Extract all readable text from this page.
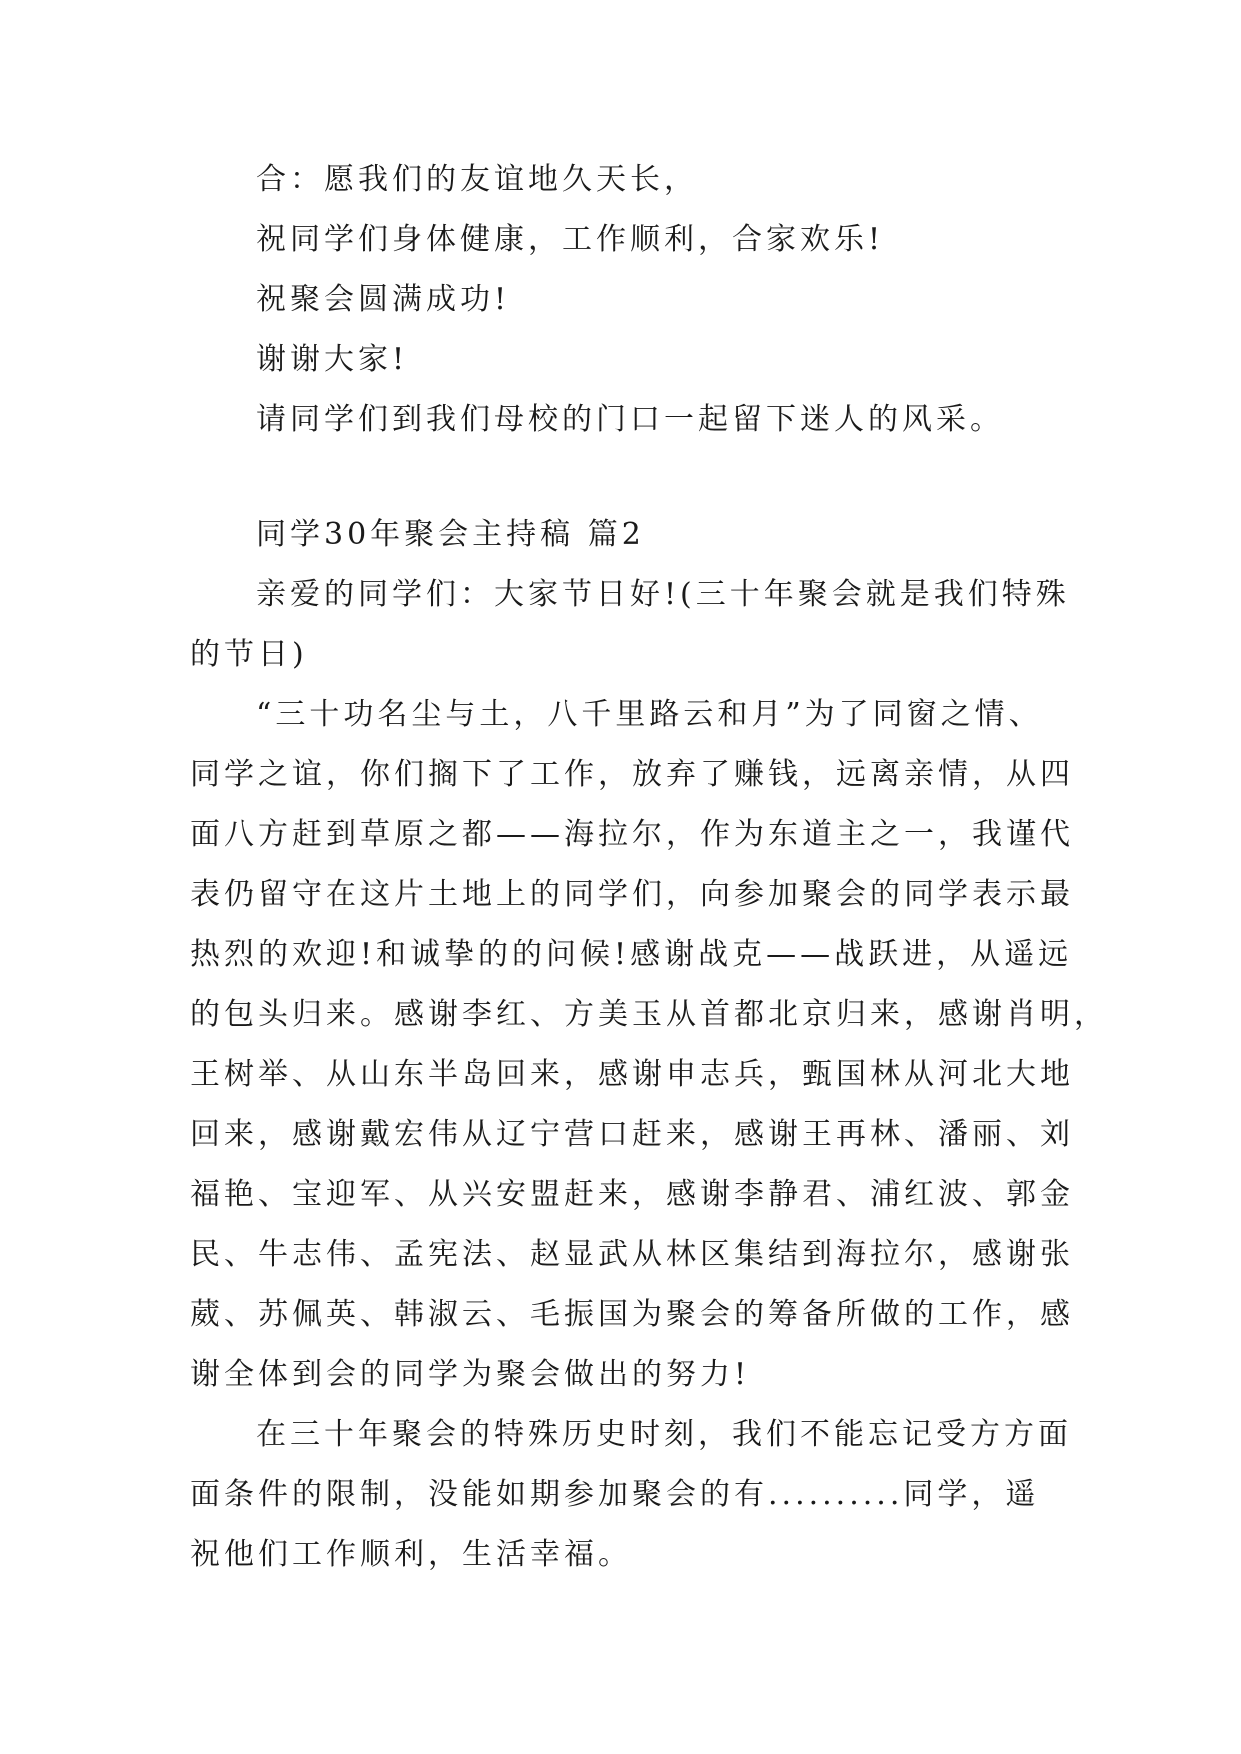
合：愿我们的友谊地久天长，
祝同学们身体健康，工作顺利，合家欢乐!
祝聚会圆满成功!
谢谢大家!
请同学们到我们母校的门口一起留下迷人的风采。
同学30年聚会主持稿 篇2
亲爱的同学们：大家节日好!(三十年聚会就是我们特殊
的节日)
“三十功名尘与土，八千里路云和月”为了同窗之情、
同学之谊，你们搁下了工作，放弃了赚钱，远离亲情，从四
面八方赶到草原之都——海拉尔，作为东道主之一，我谨代
表仍留守在这片土地上的同学们，向参加聚会的同学表示最
热烈的欢迎!和诚挚的的问候!感谢战克——战跃进，从遥远
的包头归来。感谢李红、方美玉从首都北京归来，感谢肖明，
王树举、从山东半岛回来，感谢申志兵，甄国林从河北大地
回来，感谢戴宏伟从辽宁营口赶来，感谢王再林、潘丽、刘
福艳、宝迎军、从兴安盟赶来，感谢李静君、浦红波、郭金
民、牛志伟、孟宪法、赵显武从林区集结到海拉尔，感谢张
葳、苏佩英、韩淑云、毛振国为聚会的筹备所做的工作，感
谢全体到会的同学为聚会做出的努力!
在三十年聚会的特殊历史时刻，我们不能忘记受方方面
面条件的限制，没能如期参加聚会的有..........同学，遥
祝他们工作顺利，生活幸福。
